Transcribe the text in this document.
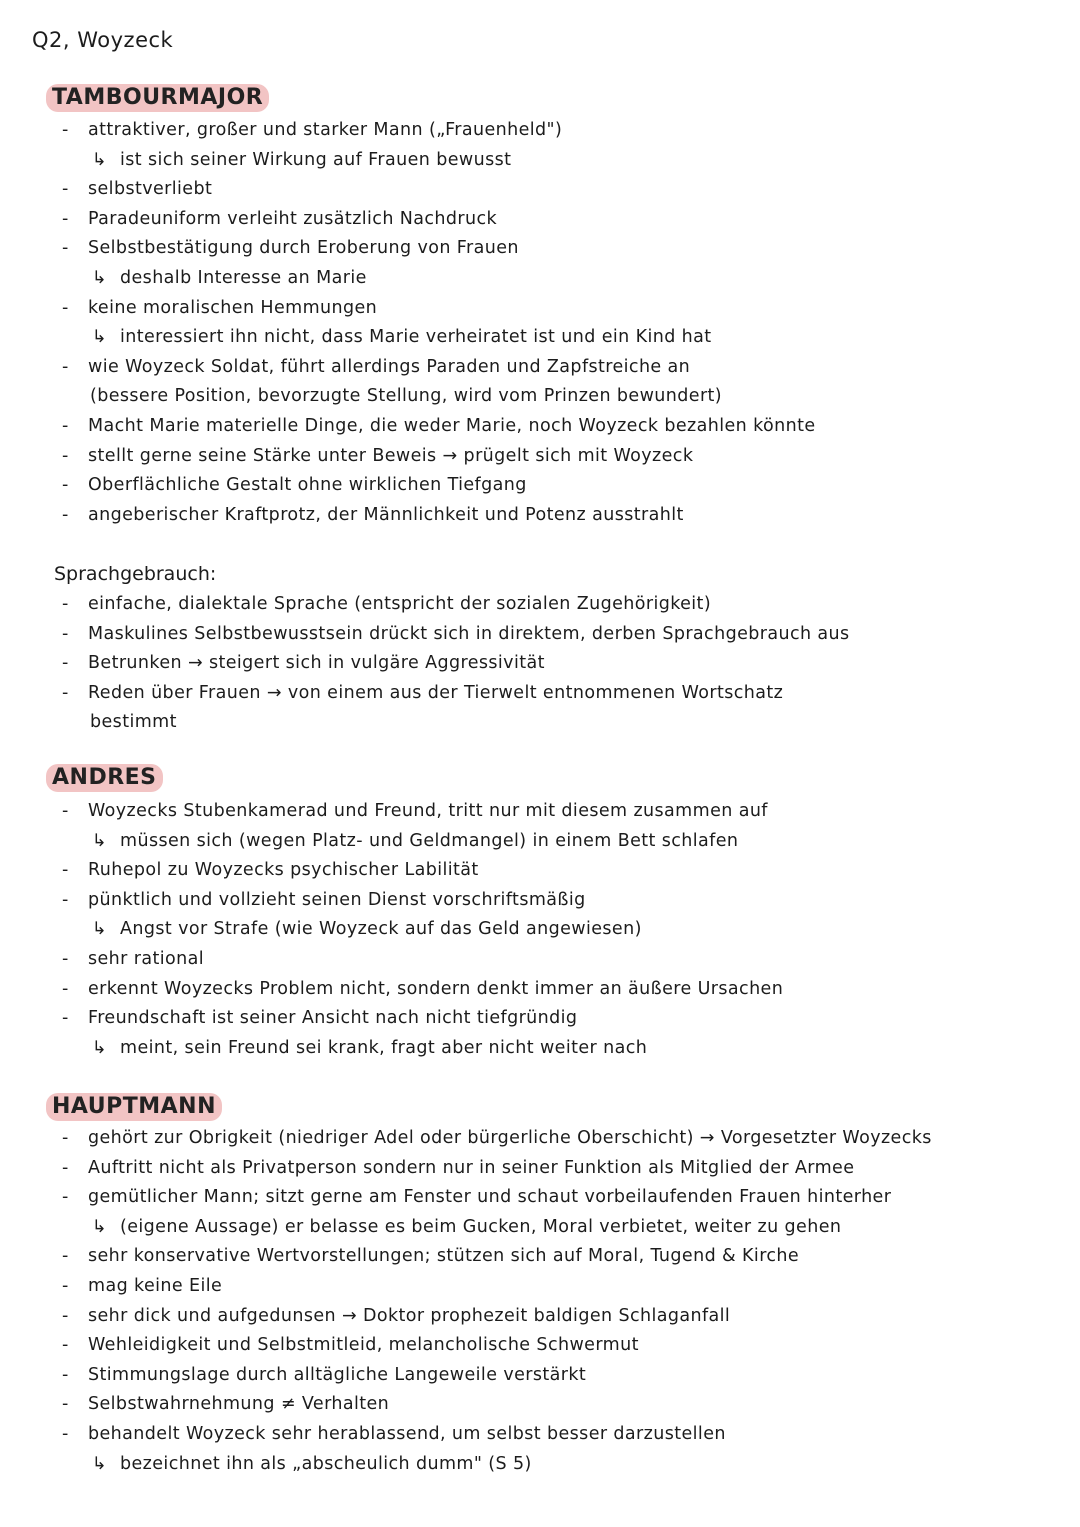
Q2, Woyzeck
TAMBOURMAJOR
- attraktiver, großer und starker Mann („Frauenheld")
↳ ist sich seiner Wirkung auf Frauen bewusst
- selbstverliebt
- Paradeuniform verleiht zusätzlich Nachdruck
- Selbstbestätigung durch Eroberung von Frauen
↳ deshalb Interesse an Marie
- keine moralischen Hemmungen
↳ interessiert ihn nicht, dass Marie verheiratet ist und ein Kind hat
- wie Woyzeck Soldat, führt allerdings Paraden und Zapfstreiche an
(bessere Position, bevorzugte Stellung, wird vom Prinzen bewundert)
- Macht Marie materielle Dinge, die weder Marie, noch Woyzeck bezahlen könnte
- stellt gerne seine Stärke unter Beweis → prügelt sich mit Woyzeck
- Oberflächliche Gestalt ohne wirklichen Tiefgang
- angeberischer Kraftprotz, der Männlichkeit und Potenz ausstrahlt
Sprachgebrauch:
- einfache, dialektale Sprache (entspricht der sozialen Zugehörigkeit)
- Maskulines Selbstbewusstsein drückt sich in direktem, derben Sprachgebrauch aus
- Betrunken → steigert sich in vulgäre Aggressivität
- Reden über Frauen → von einem aus der Tierwelt entnommenen Wortschatz
bestimmt
ANDRES
- Woyzecks Stubenkamerad und Freund, tritt nur mit diesem zusammen auf
↳ müssen sich (wegen Platz- und Geldmangel) in einem Bett schlafen
- Ruhepol zu Woyzecks psychischer Labilität
- pünktlich und vollzieht seinen Dienst vorschriftsmäßig
↳ Angst vor Strafe (wie Woyzeck auf das Geld angewiesen)
- sehr rational
- erkennt Woyzecks Problem nicht, sondern denkt immer an äußere Ursachen
- Freundschaft ist seiner Ansicht nach nicht tiefgründig
↳ meint, sein Freund sei krank, fragt aber nicht weiter nach
HAUPTMANN
- gehört zur Obrigkeit (niedriger Adel oder bürgerliche Oberschicht) → Vorgesetzter Woyzecks
- Auftritt nicht als Privatperson sondern nur in seiner Funktion als Mitglied der Armee
- gemütlicher Mann; sitzt gerne am Fenster und schaut vorbeilaufenden Frauen hinterher
↳ (eigene Aussage) er belasse es beim Gucken, Moral verbietet, weiter zu gehen
- sehr konservative Wertvorstellungen; stützen sich auf Moral, Tugend & Kirche
- mag keine Eile
- sehr dick und aufgedunsen → Doktor prophezeit baldigen Schlaganfall
- Wehleidigkeit und Selbstmitleid, melancholische Schwermut
- Stimmungslage durch alltägliche Langeweile verstärkt
- Selbstwahrnehmung ≠ Verhalten
- behandelt Woyzeck sehr herablassend, um selbst besser darzustellen
↳ bezeichnet ihn als „abscheulich dumm" (S 5)
